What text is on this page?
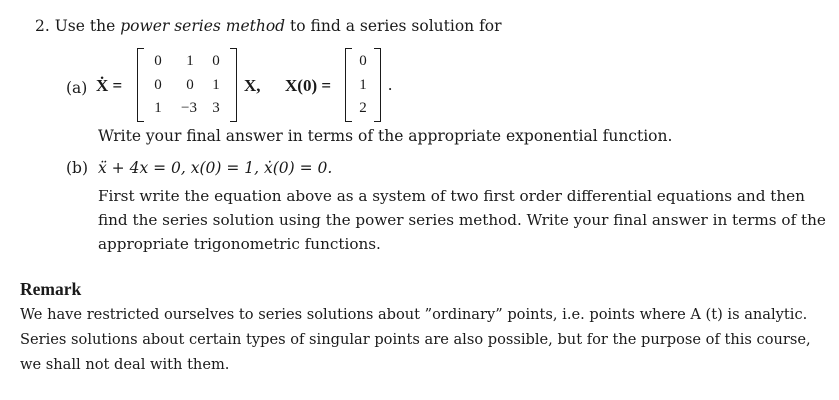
2. Use the power series method to find a series solution for
(a) Ẋ =
0	1	0
0	0	1
1	−3	3
X, X(0) =
0
1
2
.
Write your final answer in terms of the appropriate exponential function.
(b) ẍ + 4x = 0, x(0) = 1, ẋ(0) = 0.
First write the equation above as a system of two first order differential equations and then
find the series solution using the power series method. Write your final answer in terms of the
appropriate trigonometric functions.
Remark
We have restricted ourselves to series solutions about ”ordinary” points, i.e. points where A (t) is analytic.
Series solutions about certain types of singular points are also possible, but for the purpose of this course,
we shall not deal with them.
